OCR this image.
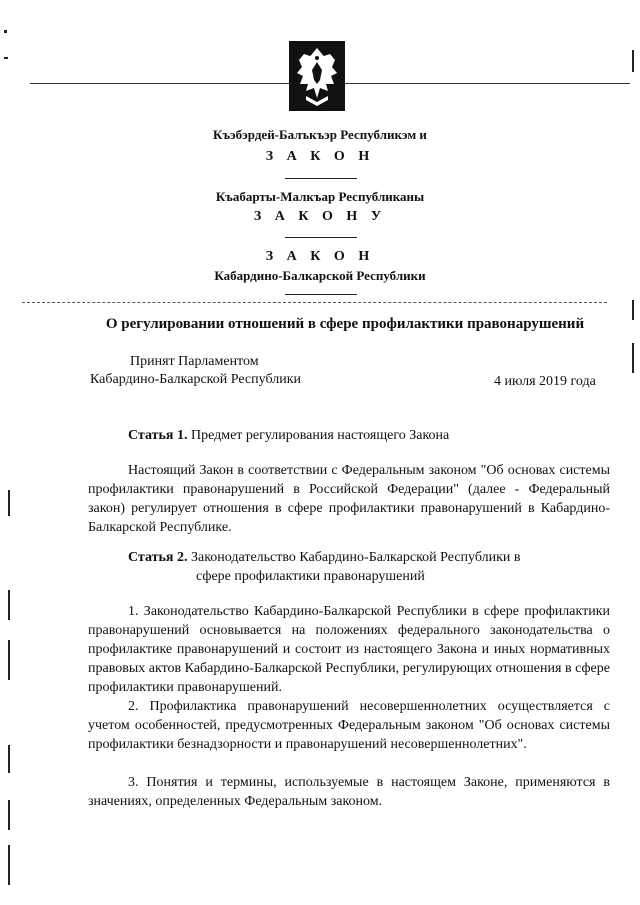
Къэбэрдей-Балъкъэр Республикэм и
З А К О Н
Къабарты-Малкъар Республиканы
З А К О Н У
З А К О Н
Кабардино-Балкарской Республики
О регулировании отношений в сфере профилактики правонарушений
Принят Парламентом
Кабардино-Балкарской Республики	4 июля 2019 года
Статья 1. Предмет регулирования настоящего Закона
Настоящий Закон в соответствии с Федеральным законом "Об основах системы профилактики правонарушений в Российской Федерации" (далее - Федеральный закон) регулирует отношения в сфере профилактики правонарушений в Кабардино-Балкарской Республике.
Статья 2. Законодательство Кабардино-Балкарской Республики в
сфере профилактики правонарушений
1. Законодательство Кабардино-Балкарской Республики в сфере профилактики правонарушений основывается на положениях федерального законодательства о профилактике правонарушений и состоит из настоящего Закона и иных нормативных правовых актов Кабардино-Балкарской Республики, регулирующих отношения в сфере профилактики правонарушений.
2. Профилактика правонарушений несовершеннолетних осуществляется с учетом особенностей, предусмотренных Федеральным законом "Об основах системы профилактики безнадзорности и правонарушений несовершеннолетних".
3. Понятия и термины, используемые в настоящем Законе, применяются в значениях, определенных Федеральным законом.
